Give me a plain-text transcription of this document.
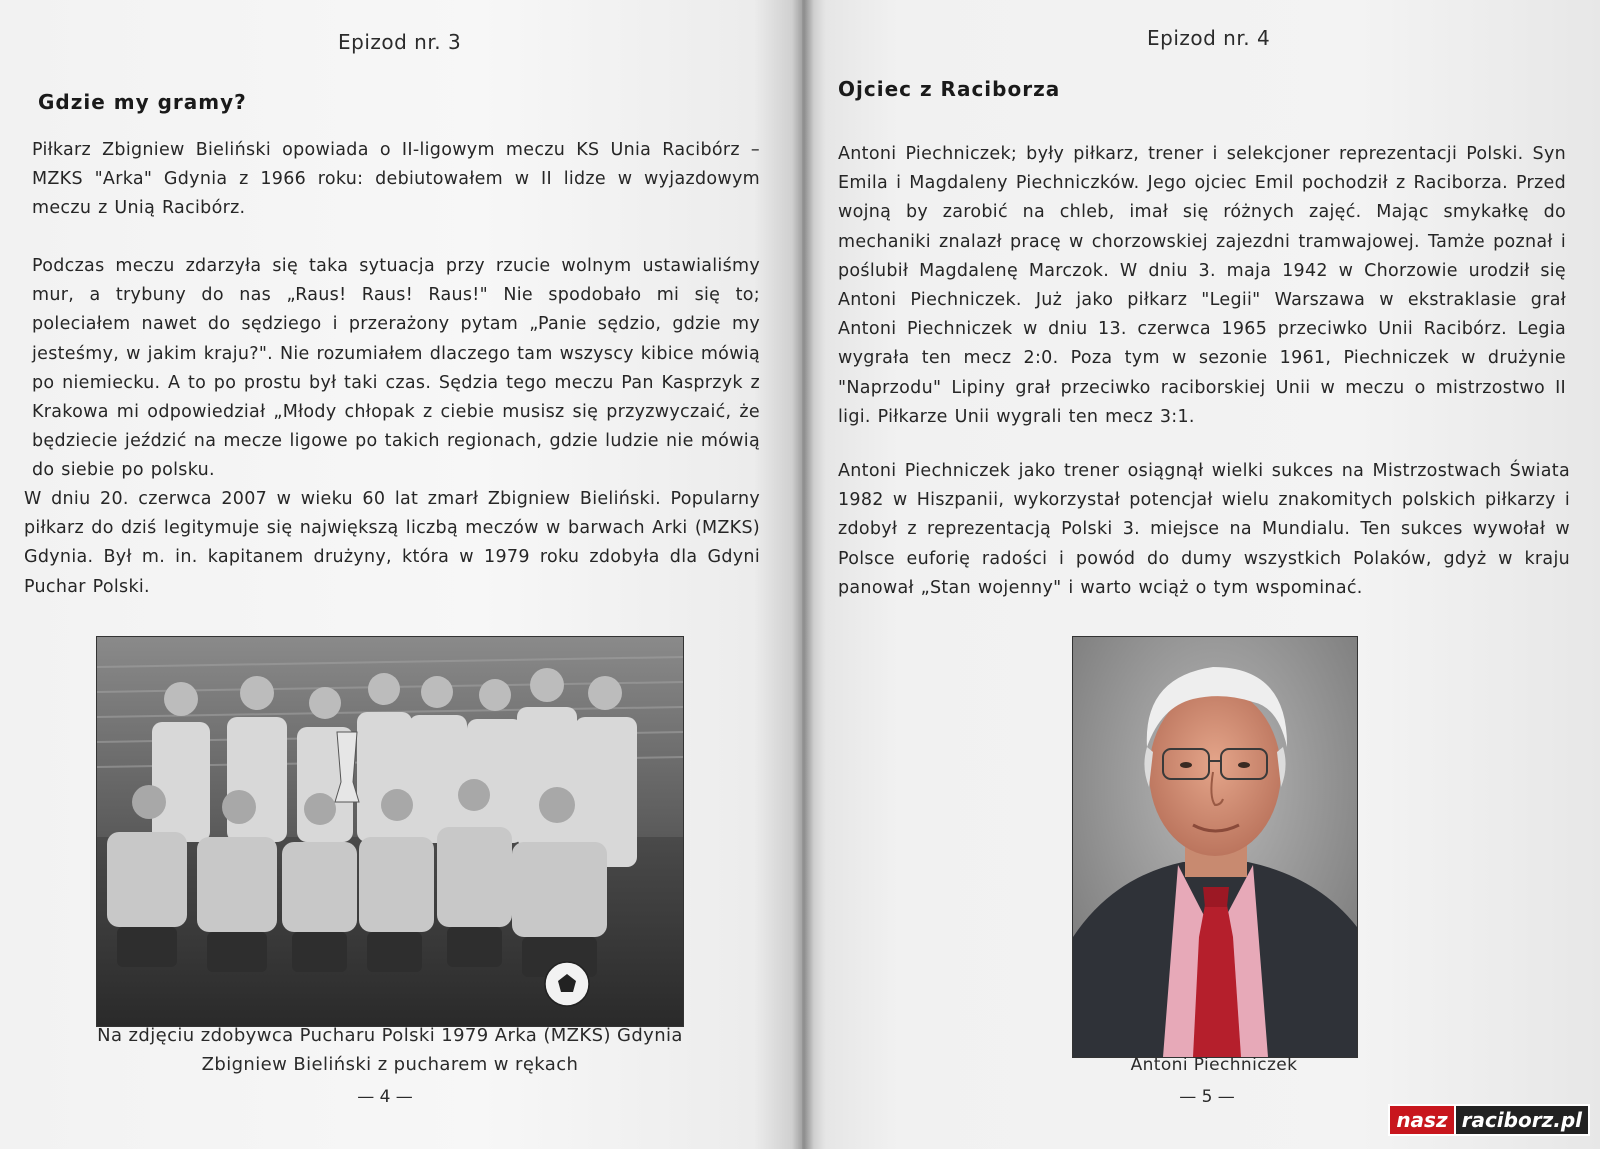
Epizod nr. 3
Gdzie my gramy?

Piłkarz Zbigniew Bieliński opowiada o II-ligowym meczu KS Unia Racibórz – MZKS "Arka" Gdynia z 1966 roku: debiutowałem w II lidze w wyjazdowym meczu z Unią Racibórz.

Podczas meczu zdarzyła się taka sytuacja przy rzucie wolnym ustawialiśmy mur, a trybuny do nas „Raus! Raus! Raus!" Nie spodobało mi się to; poleciałem nawet do sędziego i przerażony pytam „Panie sędzio, gdzie my jesteśmy, w jakim kraju?". Nie rozumiałem dlaczego tam wszyscy kibice mówią po niemiecku. A to po prostu był taki czas. Sędzia tego meczu Pan Kasprzyk z Krakowa mi odpowiedział „Młody chłopak z ciebie musisz się przyzwyczaić, że będziecie jeździć na mecze ligowe po takich regionach, gdzie ludzie nie mówią do siebie po polsku.

W dniu 20. czerwca 2007 w wieku 60 lat zmarł Zbigniew Bieliński. Popularny piłkarz do dziś legitymuje się największą liczbą meczów w barwach Arki (MZKS) Gdynia. Był m. in. kapitanem drużyny, która w 1979 roku zdobyła dla Gdyni Puchar Polski.

Na zdjęciu zdobywca Pucharu Polski 1979 Arka (MZKS) Gdynia
Zbigniew Bieliński z pucharem w rękach
— 4 —
Epizod nr. 4
Ojciec z Raciborza

Antoni Piechniczek; były piłkarz, trener i selekcjoner reprezentacji Polski. Syn Emila i Magdaleny Piechniczków. Jego ojciec Emil pochodził z Raciborza. Przed wojną by zarobić na chleb, imał się różnych zajęć. Mając smykałkę do mechaniki znalazł pracę w chorzowskiej zajezdni tramwajowej. Tamże poznał i poślubił Magdalenę Marczok. W dniu 3. maja 1942 w Chorzowie urodził się Antoni Piechniczek. Już jako piłkarz "Legii" Warszawa w ekstraklasie grał Antoni Piechniczek w dniu 13. czerwca 1965 przeciwko Unii Racibórz. Legia wygrała ten mecz 2:0. Poza tym w sezonie 1961, Piechniczek w drużynie "Naprzodu" Lipiny grał przeciwko raciborskiej Unii w meczu o mistrzostwo II ligi. Piłkarze Unii wygrali ten mecz 3:1.

Antoni Piechniczek jako trener osiągnął wielki sukces na Mistrzostwach Świata 1982 w Hiszpanii, wykorzystał potencjał wielu znakomitych polskich piłkarzy i zdobył z reprezentacją Polski 3. miejsce na Mundialu. Ten sukces wywołał w Polsce euforię radości i powód do dumy wszystkich Polaków, gdyż w kraju panował „Stan wojenny" i warto wciąż o tym wspominać.

Antoni Piechniczek
— 5 —
nasz raciborz.pl
